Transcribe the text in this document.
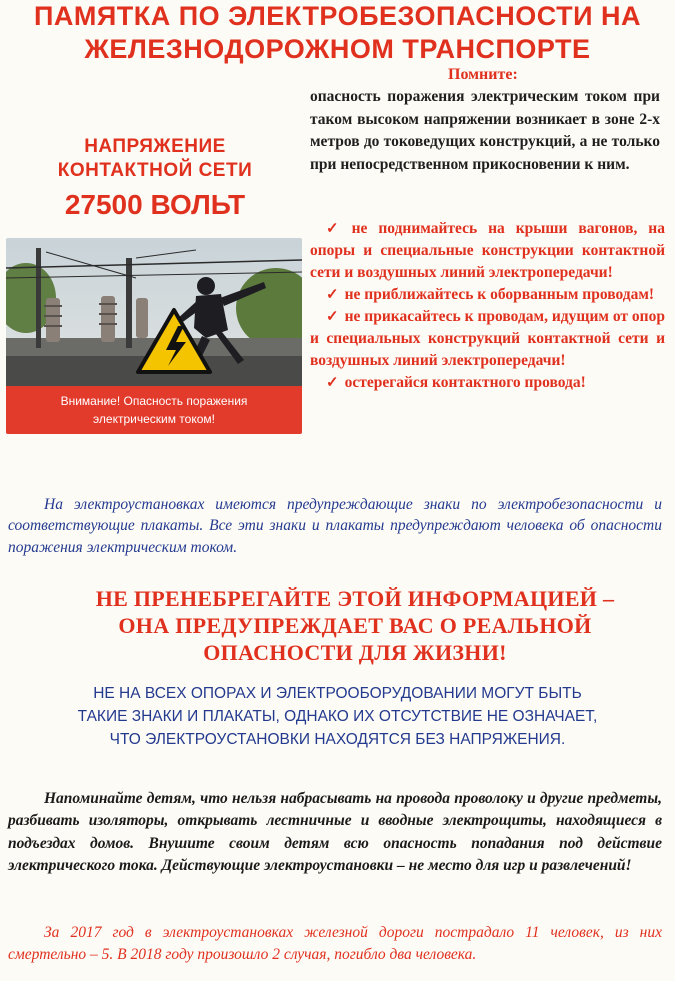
ПАМЯТКА ПО ЭЛЕКТРОБЕЗОПАСНОСТИ НА
ЖЕЛЕЗНОДОРОЖНОМ ТРАНСПОРТЕ
НАПРЯЖЕНИЕ
КОНТАКТНОЙ СЕТИ
27500 ВОЛЬТ
Внимание! Опасность поражения электрическим током!
Помните:
опасность поражения электрическим током при таком высоком напряжении возникает в зоне 2-х метров до токоведущих конструкций, а не только при непосредственном прикосновении к ним.
✓ не поднимайтесь на крыши вагонов, на опоры и специальные конструкции контактной сети и воздушных линий электропередачи!
✓ не приближайтесь к оборванным проводам!
✓ не прикасайтесь к проводам, идущим от опор и специальных конструкций контактной сети и воздушных линий электропередачи!
✓ остерегайся контактного провода!

На электроустановках имеются предупреждающие знаки по электробезопасности и соответствующие плакаты. Все эти знаки и плакаты предупреждают человека об опасности поражения электрическим током.

НЕ ПРЕНЕБРЕГАЙТЕ ЭТОЙ ИНФОРМАЦИЕЙ –
ОНА ПРЕДУПРЕЖДАЕТ ВАС О РЕАЛЬНОЙ
ОПАСНОСТИ ДЛЯ ЖИЗНИ!
НЕ НА ВСЕХ ОПОРАХ И ЭЛЕКТРООБОРУДОВАНИИ МОГУТ БЫТЬ
ТАКИЕ ЗНАКИ И ПЛАКАТЫ, ОДНАКО ИХ ОТСУТСТВИЕ НЕ ОЗНАЧАЕТ,
ЧТО ЭЛЕКТРОУСТАНОВКИ НАХОДЯТСЯ БЕЗ НАПРЯЖЕНИЯ.

Напоминайте детям, что нельзя набрасывать на провода проволоку и другие предметы, разбивать изоляторы, открывать лестничные и вводные электрощиты, находящиеся в подъездах домов. Внушите своим детям всю опасность попадания под действие электрического тока. Действующие электроустановки – не место для игр и развлечений!

За 2017 год в электроустановках железной дороги пострадало 11 человек, из них смертельно – 5. В 2018 году произошло 2 случая, погибло два человека.
